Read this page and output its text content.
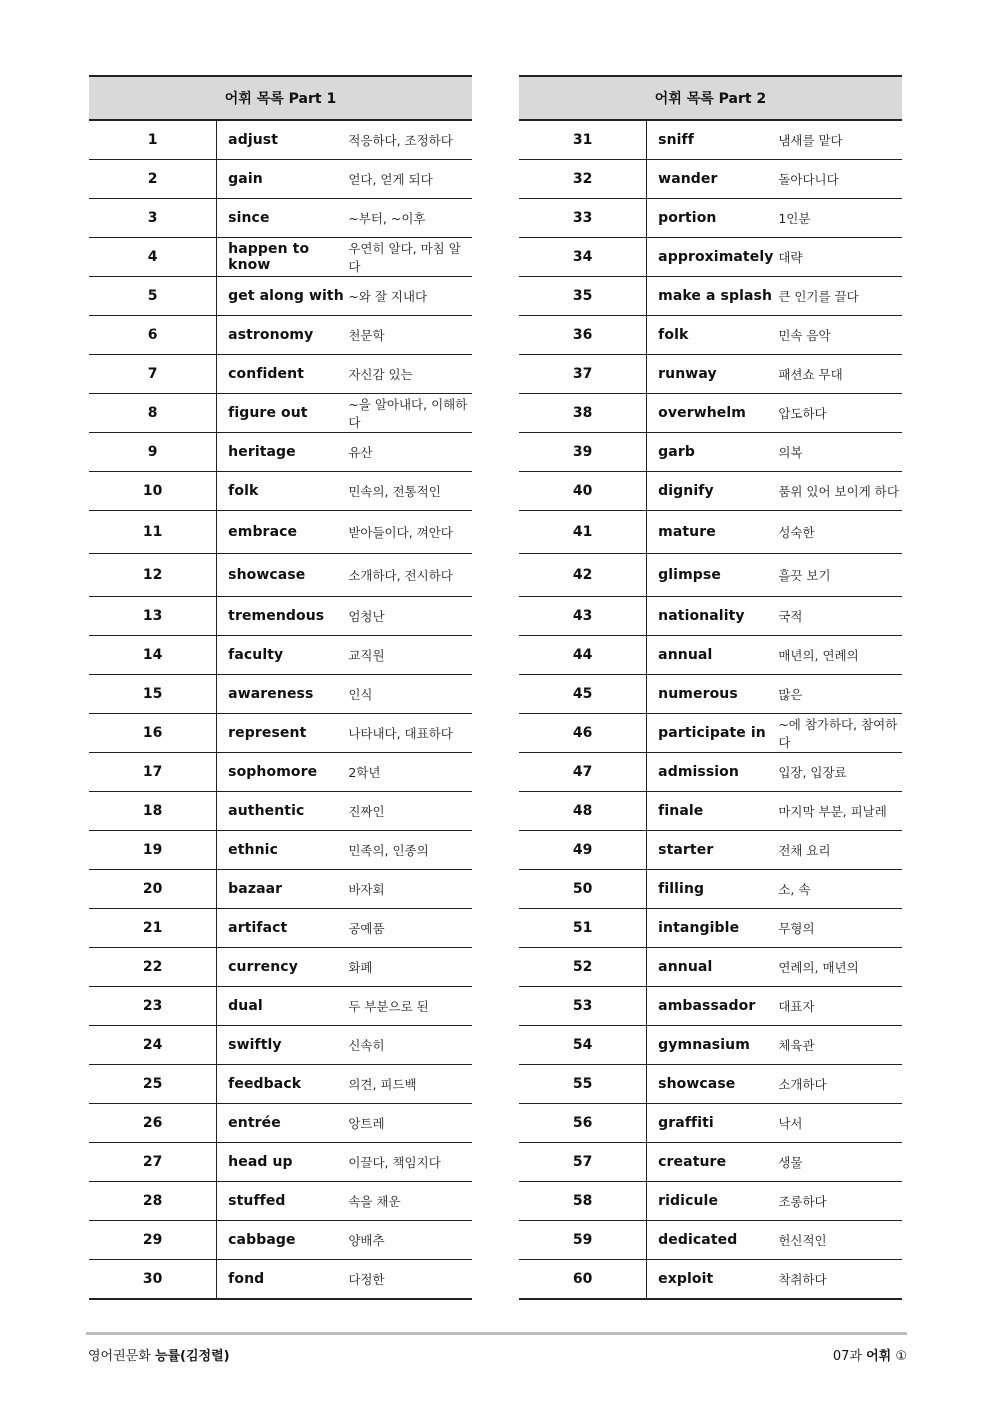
어휘 목록 Part 1		
1	adjust	적응하다, 조정하다
2	gain	얻다, 얻게 되다
3	since	~부터, ~이후
4	happen to know	우연히 알다, 마침 알다
5	get along with	~와 잘 지내다
6	astronomy	천문학
7	confident	자신감 있는
8	figure out	~을 알아내다, 이해하다
9	heritage	유산
10	folk	민속의, 전통적인
11	embrace	받아들이다, 껴안다
12	showcase	소개하다, 전시하다
13	tremendous	엄청난
14	faculty	교직원
15	awareness	인식
16	represent	나타내다, 대표하다
17	sophomore	2학년
18	authentic	진짜인
19	ethnic	민족의, 인종의
20	bazaar	바자회
21	artifact	공예품
22	currency	화폐
23	dual	두 부분으로 된
24	swiftly	신속히
25	feedback	의견, 피드백
26	entrée	앙트레
27	head up	이끌다, 책임지다
28	stuffed	속을 채운
29	cabbage	양배추
30	fond	다정한
어휘 목록 Part 2		
31	sniff	냄새를 맡다
32	wander	돌아다니다
33	portion	1인분
34	approximately	대략
35	make a splash	큰 인기를 끌다
36	folk	민속 음악
37	runway	패션쇼 무대
38	overwhelm	압도하다
39	garb	의복
40	dignify	품위 있어 보이게 하다
41	mature	성숙한
42	glimpse	흘끗 보기
43	nationality	국적
44	annual	매년의, 연례의
45	numerous	많은
46	participate in	~에 참가하다, 참여하다
47	admission	입장, 입장료
48	finale	마지막 부분, 피날레
49	starter	전채 요리
50	filling	소, 속
51	intangible	무형의
52	annual	연례의, 매년의
53	ambassador	대표자
54	gymnasium	체육관
55	showcase	소개하다
56	graffiti	낙서
57	creature	생물
58	ridicule	조롱하다
59	dedicated	헌신적인
60	exploit	착취하다
영어권문화 능률(김정렬)	07과 어휘 ①
